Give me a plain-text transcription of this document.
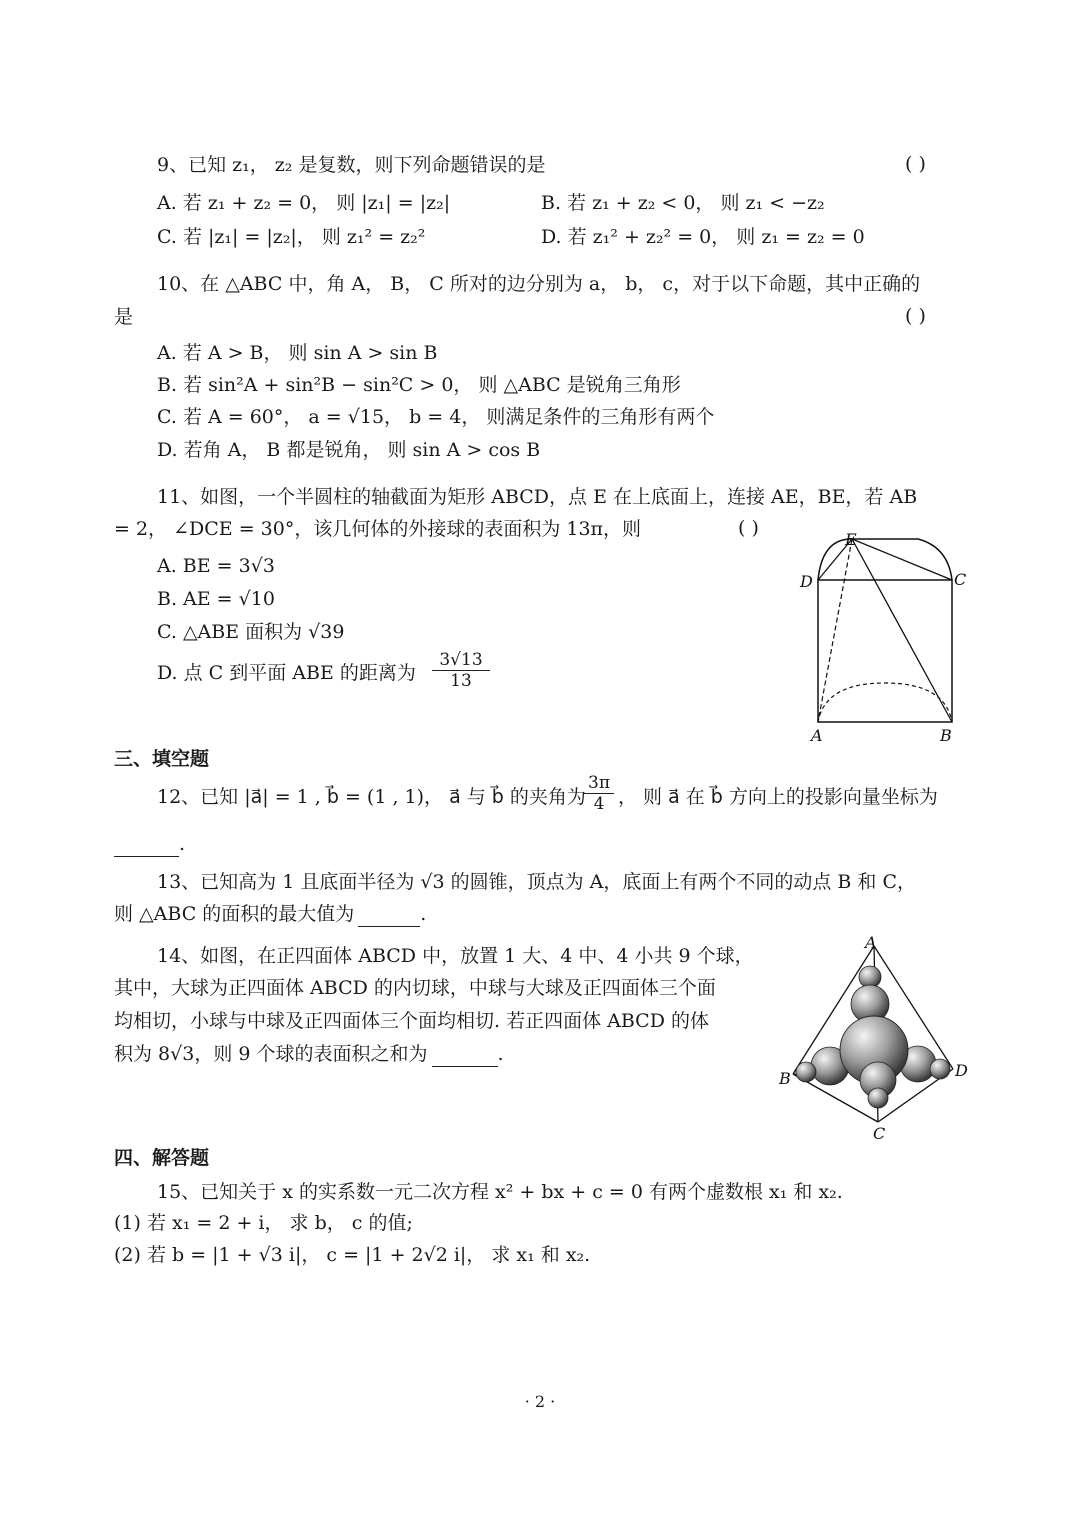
9、已知 z₁， z₂ 是复数，则下列命题错误的是	( )
A. 若 z₁ + z₂ = 0， 则 |z₁| = |z₂|	B. 若 z₁ + z₂ < 0， 则 z₁ < −z₂
C. 若 |z₁| = |z₂|， 则 z₁² = z₂²	D. 若 z₁² + z₂² = 0， 则 z₁ = z₂ = 0
10、在 △ABC 中，角 A， B， C 所对的边分别为 a， b， c，对于以下命题，其中正确的
是	( )
A. 若 A > B， 则 sin A > sin B
B. 若 sin²A + sin²B − sin²C > 0， 则 △ABC 是锐角三角形
C. 若 A = 60°， a = √15， b = 4， 则满足条件的三角形有两个
D. 若角 A， B 都是锐角， 则 sin A > cos B
11、如图，一个半圆柱的轴截面为矩形 ABCD，点 E 在上底面上，连接 AE，BE，若 AB
= 2， ∠DCE = 30°，该几何体的外接球的表面积为 13π，则	( )
A. BE = 3√3
B. AE = √10
C. △ABE 面积为 √39
D. 点 C 到平面 ABE 的距离为 $\frac{3√13}{13}$
E
D	C
A	B
三、填空题
12、已知 |a⃗| = 1 , b⃗ = (1 , 1)， a⃗ 与 b⃗ 的夹角为
$\frac{3\pi}{4}$ ， 则 a⃗ 在 b⃗ 方向上的投影向量坐标为
.
13、已知高为 1 且底面半径为 √3 的圆锥，顶点为 A，底面上有两个不同的动点 B 和 C，
则 △ABC 的面积的最大值为	.
14、如图，在正四面体 ABCD 中，放置 1 大、4 中、4 小共 9 个球，
其中，大球为正四面体 ABCD 的内切球，中球与大球及正四面体三个面
均相切，小球与中球及正四面体三个面均相切. 若正四面体 ABCD 的体
积为 8√3，则 9 个球的表面积之和为	.
A
B	D
C
四、解答题
15、已知关于 x 的实系数一元二次方程 x² + bx + c = 0 有两个虚数根 x₁ 和 x₂.
(1) 若 x₁ = 2 + i， 求 b， c 的值;
(2) 若 b = |1 + √3 i|， c = |1 + 2√2 i|， 求 x₁ 和 x₂.
· 2 ·
